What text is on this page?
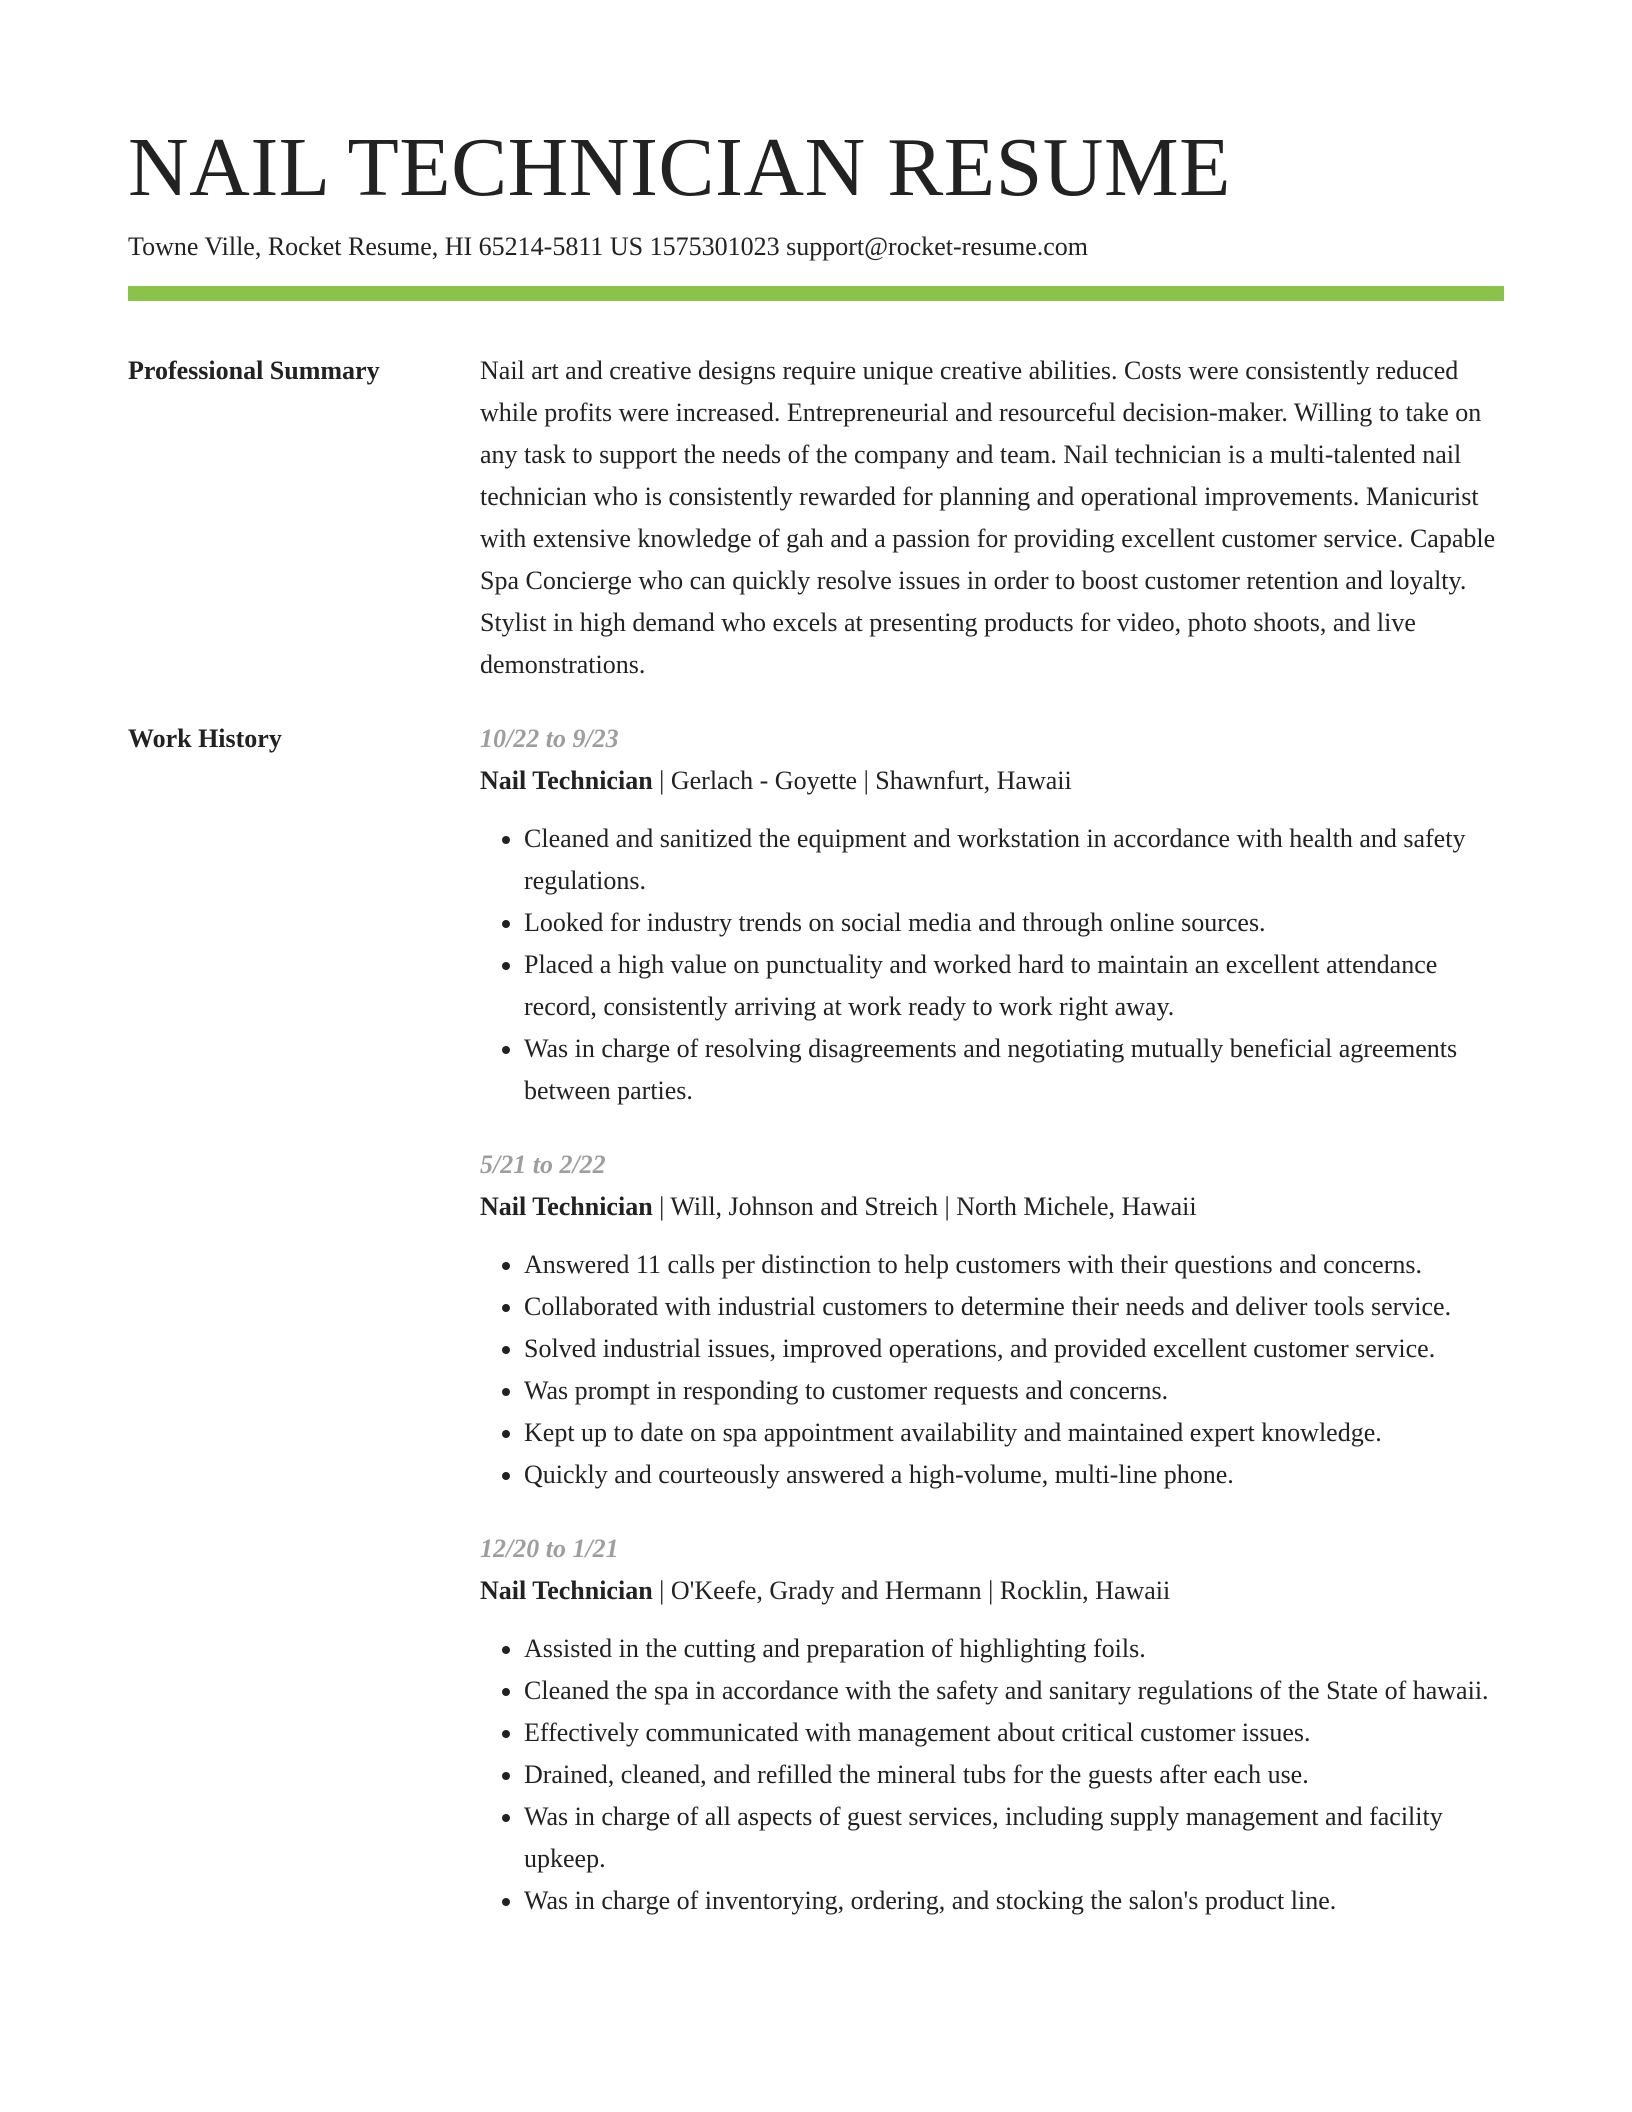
NAIL TECHNICIAN RESUME
Towne Ville, Rocket Resume, HI 65214-5811 US 1575301023 support@rocket-resume.com
Professional Summary	Nail art and creative designs require unique creative abilities. Costs were consistently reduced while profits were increased. Entrepreneurial and resourceful decision-maker. Willing to take on any task to support the needs of the company and team. Nail technician is a multi-talented nail technician who is consistently rewarded for planning and operational improvements. Manicurist with extensive knowledge of gah and a passion for providing excellent customer service. Capable Spa Concierge who can quickly resolve issues in order to boost customer retention and loyalty. Stylist in high demand who excels at presenting products for video, photo shoots, and live demonstrations.

Work History	10/22 to 9/23
Nail Technician | Gerlach - Goyette | Shawnfurt, Hawaii
• Cleaned and sanitized the equipment and workstation in accordance with health and safety regulations.
• Looked for industry trends on social media and through online sources.
• Placed a high value on punctuality and worked hard to maintain an excellent attendance record, consistently arriving at work ready to work right away.
• Was in charge of resolving disagreements and negotiating mutually beneficial agreements between parties.
5/21 to 2/22
Nail Technician | Will, Johnson and Streich | North Michele, Hawaii
• Answered 11 calls per distinction to help customers with their questions and concerns.
• Collaborated with industrial customers to determine their needs and deliver tools service.
• Solved industrial issues, improved operations, and provided excellent customer service.
• Was prompt in responding to customer requests and concerns.
• Kept up to date on spa appointment availability and maintained expert knowledge.
• Quickly and courteously answered a high-volume, multi-line phone.
12/20 to 1/21
Nail Technician | O'Keefe, Grady and Hermann | Rocklin, Hawaii
• Assisted in the cutting and preparation of highlighting foils.
• Cleaned the spa in accordance with the safety and sanitary regulations of the State of hawaii.
• Effectively communicated with management about critical customer issues.
• Drained, cleaned, and refilled the mineral tubs for the guests after each use.
• Was in charge of all aspects of guest services, including supply management and facility upkeep.
• Was in charge of inventorying, ordering, and stocking the salon's product line.
